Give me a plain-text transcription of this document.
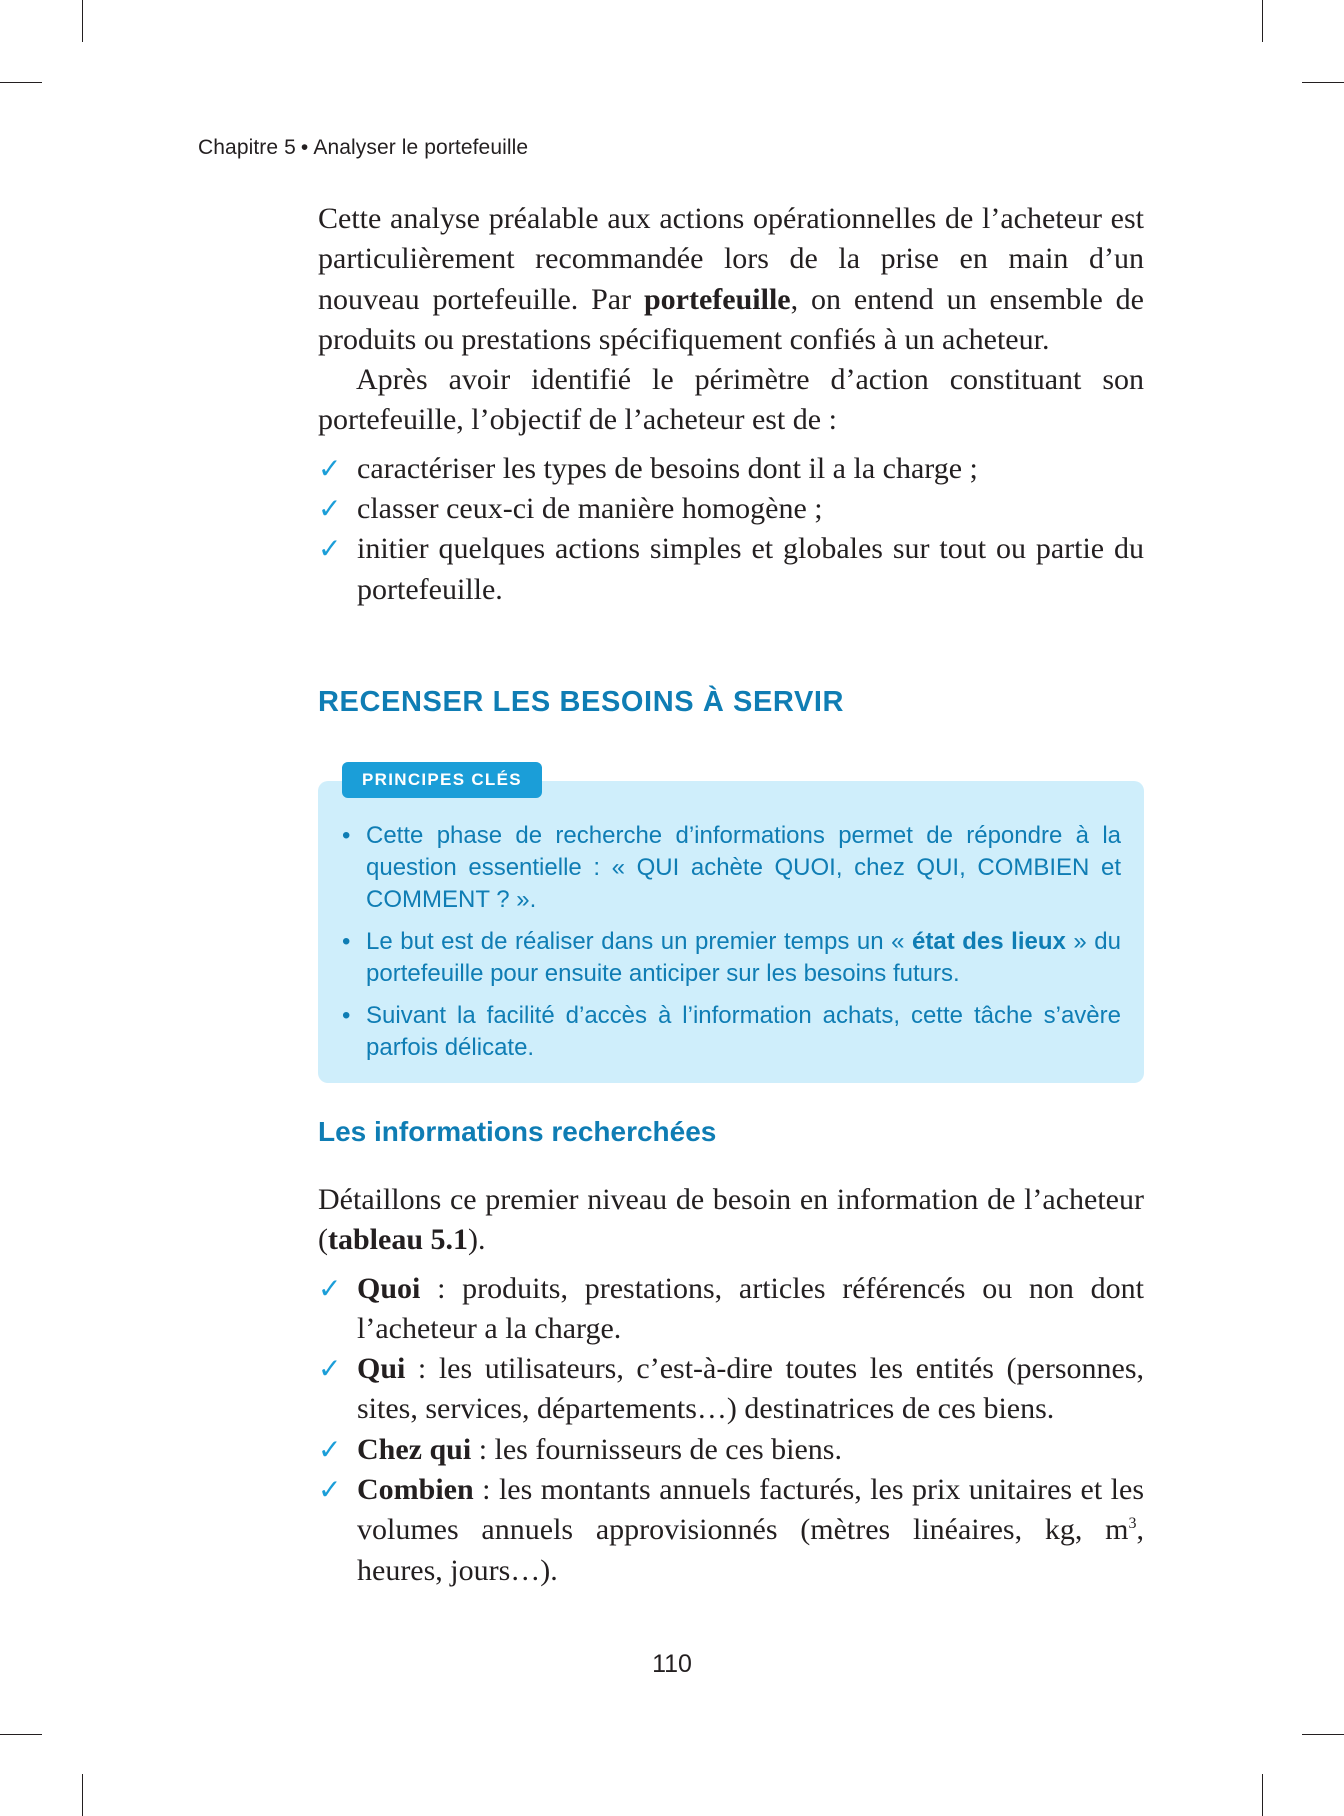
Chapitre 5 • Analyser le portefeuille

Cette analyse préalable aux actions opérationnelles de l’acheteur est particulièrement recommandée lors de la prise en main d’un nouveau portefeuille. Par portefeuille, on entend un ensemble de produits ou prestations spécifiquement confiés à un acheteur.

Après avoir identifié le périmètre d’action constituant son portefeuille, l’objectif de l’acheteur est de :

✓ caractériser les types de besoins dont il a la charge ;
✓ classer ceux-ci de manière homogène ;
✓ initier quelques actions simples et globales sur tout ou partie du portefeuille.
RECENSER LES BESOINS À SERVIR
PRINCIPES CLÉS
• Cette phase de recherche d’informations permet de répondre à la question essentielle : « QUI achète QUOI, chez QUI, COMBIEN et COMMENT ? ».
• Le but est de réaliser dans un premier temps un « état des lieux » du portefeuille pour ensuite anticiper sur les besoins futurs.
• Suivant la facilité d’accès à l’information achats, cette tâche s’avère parfois délicate.
Les informations recherchées

Détaillons ce premier niveau de besoin en information de l’acheteur (tableau 5.1).

✓ Quoi : produits, prestations, articles référencés ou non dont l’acheteur a la charge.
✓ Qui : les utilisateurs, c’est-à-dire toutes les entités (personnes, sites, services, départements…) destinatrices de ces biens.
✓ Chez qui : les fournisseurs de ces biens.
✓ Combien : les montants annuels facturés, les prix unitaires et les volumes annuels approvisionnés (mètres linéaires, kg, $m^3$, heures, jours…).
110
